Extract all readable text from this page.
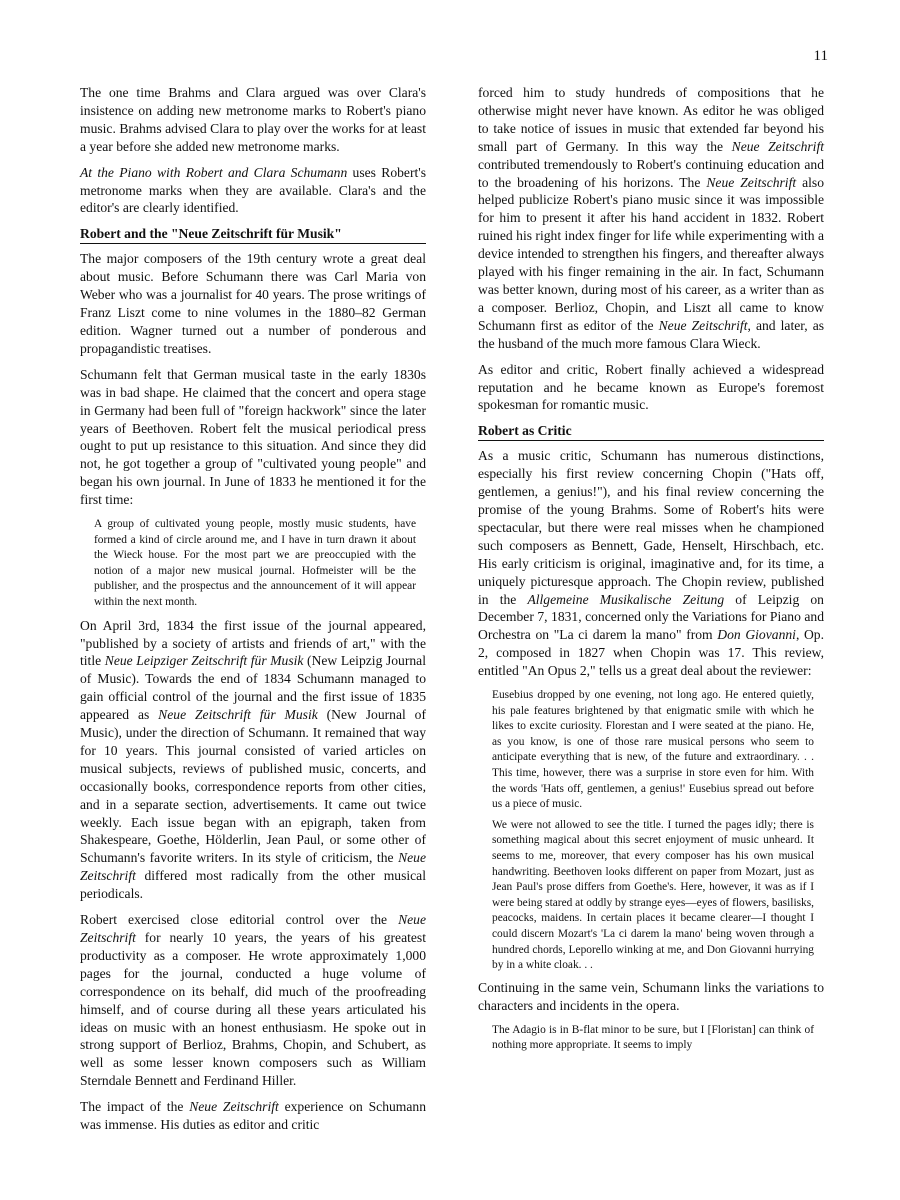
11

The one time Brahms and Clara argued was over Clara's insistence on adding new metronome marks to Robert's piano music. Brahms advised Clara to play over the works for at least a year before she added new metronome marks.

At the Piano with Robert and Clara Schumann uses Robert's metronome marks when they are available. Clara's and the editor's are clearly identified.

Robert and the "Neue Zeitschrift für Musik"

The major composers of the 19th century wrote a great deal about music. Before Schumann there was Carl Maria von Weber who was a journalist for 40 years. The prose writings of Franz Liszt come to nine volumes in the 1880–82 German edition. Wagner turned out a number of ponderous and propagandistic treatises.

Schumann felt that German musical taste in the early 1830s was in bad shape. He claimed that the concert and opera stage in Germany had been full of "foreign hackwork" since the later years of Beethoven. Robert felt the musical periodical press ought to put up resistance to this situation. And since they did not, he got together a group of "cultivated young people" and began his own journal. In June of 1833 he mentioned it for the first time:

A group of cultivated young people, mostly music students, have formed a kind of circle around me, and I have in turn drawn it about the Wieck house. For the most part we are preoccupied with the notion of a major new musical journal. Hofmeister will be the publisher, and the prospectus and the announcement of it will appear within the next month.

On April 3rd, 1834 the first issue of the journal appeared, "published by a society of artists and friends of art," with the title Neue Leipziger Zeitschrift für Musik (New Leipzig Journal of Music). Towards the end of 1834 Schumann managed to gain official control of the journal and the first issue of 1835 appeared as Neue Zeitschrift für Musik (New Journal of Music), under the direction of Schumann. It remained that way for 10 years. This journal consisted of varied articles on musical subjects, reviews of published music, concerts, and occasionally books, correspondence reports from other cities, and in a separate section, advertisements. It came out twice weekly. Each issue began with an epigraph, taken from Shakespeare, Goethe, Hölderlin, Jean Paul, or some other of Schumann's favorite writers. In its style of criticism, the Neue Zeitschrift differed most radically from the other musical periodicals.

Robert exercised close editorial control over the Neue Zeitschrift for nearly 10 years, the years of his greatest productivity as a composer. He wrote approximately 1,000 pages for the journal, conducted a huge volume of correspondence on its behalf, did much of the proofreading himself, and of course during all these years articulated his ideas on music with an honest enthusiasm. He spoke out in strong support of Berlioz, Brahms, Chopin, and Schubert, as well as some lesser known composers such as William Sterndale Bennett and Ferdinand Hiller.

The impact of the Neue Zeitschrift experience on Schumann was immense. His duties as editor and critic

forced him to study hundreds of compositions that he otherwise might never have known. As editor he was obliged to take notice of issues in music that extended far beyond his small part of Germany. In this way the Neue Zeitschrift contributed tremendously to Robert's continuing education and to the broadening of his horizons. The Neue Zeitschrift also helped publicize Robert's piano music since it was impossible for him to present it after his hand accident in 1832. Robert ruined his right index finger for life while experimenting with a device intended to strengthen his fingers, and thereafter always played with his finger remaining in the air. In fact, Schumann was better known, during most of his career, as a writer than as a composer. Berlioz, Chopin, and Liszt all came to know Schumann first as editor of the Neue Zeitschrift, and later, as the husband of the much more famous Clara Wieck.

As editor and critic, Robert finally achieved a widespread reputation and he became known as Europe's foremost spokesman for romantic music.

Robert as Critic

As a music critic, Schumann has numerous distinctions, especially his first review concerning Chopin ("Hats off, gentlemen, a genius!"), and his final review concerning the promise of the young Brahms. Some of Robert's hits were spectacular, but there were real misses when he championed such composers as Bennett, Gade, Henselt, Hirschbach, etc. His early criticism is original, imaginative and, for its time, a uniquely picturesque approach. The Chopin review, published in the Allgemeine Musikalische Zeitung of Leipzig on December 7, 1831, concerned only the Variations for Piano and Orchestra on "La ci darem la mano" from Don Giovanni, Op. 2, composed in 1827 when Chopin was 17. This review, entitled "An Opus 2," tells us a great deal about the reviewer:

Eusebius dropped by one evening, not long ago. He entered quietly, his pale features brightened by that enigmatic smile with which he likes to excite curiosity. Florestan and I were seated at the piano. He, as you know, is one of those rare musical persons who seem to anticipate everything that is new, of the future and extraordinary. . . This time, however, there was a surprise in store even for him. With the words 'Hats off, gentlemen, a genius!' Eusebius spread out before us a piece of music.
We were not allowed to see the title. I turned the pages idly; there is something magical about this secret enjoyment of music unheard. It seems to me, moreover, that every composer has his own musical handwriting. Beethoven looks different on paper from Mozart, just as Jean Paul's prose differs from Goethe's. Here, however, it was as if I were being stared at oddly by strange eyes—eyes of flowers, basilisks, peacocks, maidens. In certain places it became clearer—I thought I could discern Mozart's 'La ci darem la mano' being woven through a hundred chords, Leporello winking at me, and Don Giovanni hurrying by in a white cloak. . .

Continuing in the same vein, Schumann links the variations to characters and incidents in the opera.

The Adagio is in B-flat minor to be sure, but I [Floristan] can think of nothing more appropriate. It seems to imply
